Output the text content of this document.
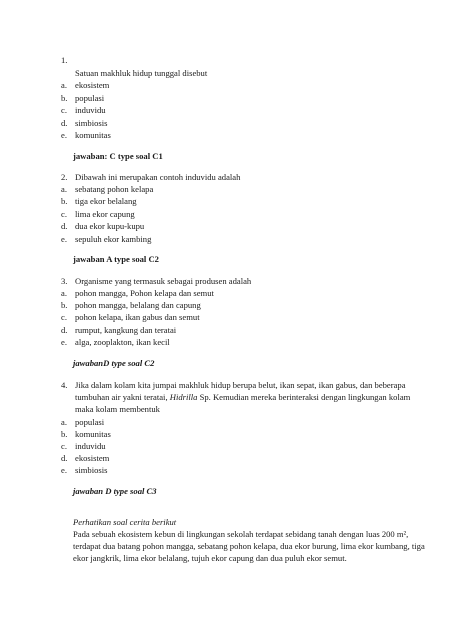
1.
Satuan makhluk hidup tunggal disebut
a. ekosistem
b. populasi
c. induvidu
d. simbiosis
e. komunitas
jawaban: C type soal C1
2. Dibawah ini merupakan contoh induvidu adalah
a. sebatang pohon kelapa
b. tiga ekor belalang
c. lima ekor capung
d. dua ekor kupu-kupu
e. sepuluh ekor kambing
jawaban A type soal C2
3. Organisme yang termasuk sebagai produsen adalah
a. pohon mangga, Pohon kelapa dan semut
b. pohon mangga, belalang dan capung
c. pohon kelapa, ikan gabus dan semut
d. rumput, kangkung dan teratai
e. alga, zooplakton, ikan kecil
jawabanD type soal C2
4. Jika dalam kolam kita jumpai makhluk hidup berupa belut, ikan sepat, ikan gabus, dan beberapa
tumbuhan air yakni teratai, Hidrilla Sp. Kemudian mereka berinteraksi dengan lingkungan kolam
maka kolam membentuk
a. populasi
b. komunitas
c. induvidu
d. ekosistem
e. simbiosis
jawaban D type soal C3
Perhatikan soal cerita berikut
Pada sebuah ekosistem kebun di lingkungan sekolah terdapat sebidang tanah dengan luas 200 m²,
terdapat dua batang pohon mangga, sebatang pohon kelapa, dua ekor burung, lima ekor kumbang, tiga
ekor jangkrik, lima ekor belalang, tujuh ekor capung dan dua puluh ekor semut.
